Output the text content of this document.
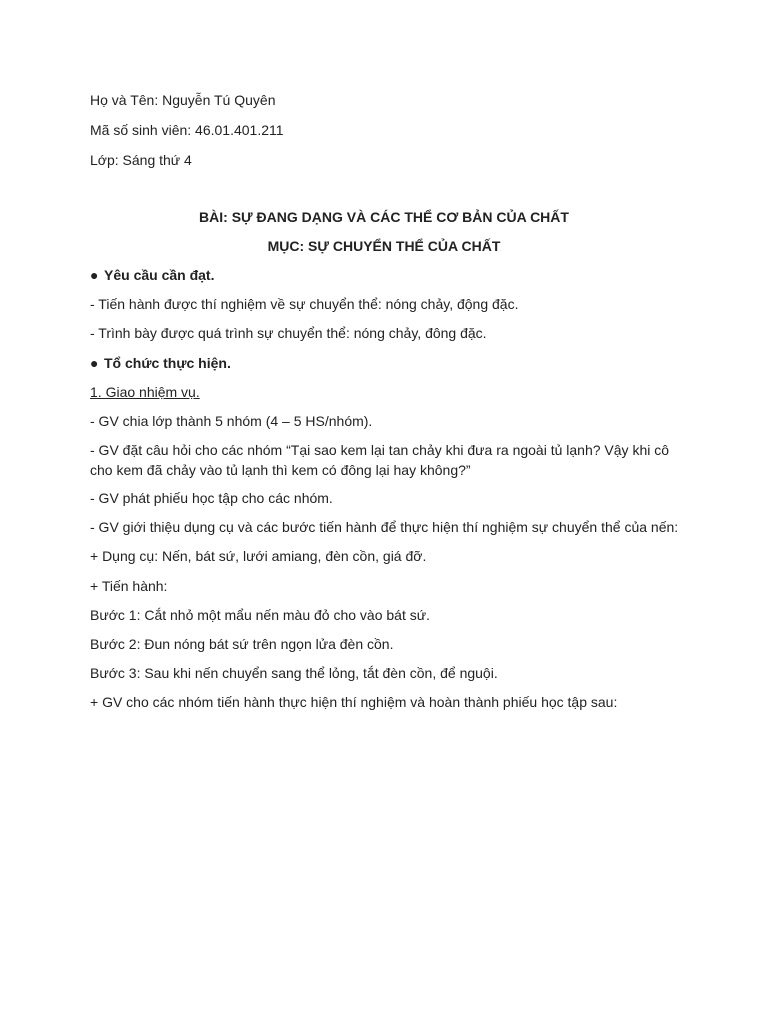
Họ và Tên: Nguyễn Tú Quyên
Mã số sinh viên: 46.01.401.211
Lớp: Sáng thứ 4
BÀI: SỰ ĐANG DẠNG VÀ CÁC THỂ CƠ BẢN CỦA CHẤT
MỤC: SỰ CHUYỂN THỂ CỦA CHẤT
● Yêu cầu cần đạt.
- Tiến hành được thí nghiệm về sự chuyển thể: nóng chảy, động đặc.
- Trình bày được quá trình sự chuyển thể: nóng chảy, đông đặc.
● Tổ chức thực hiện.
1. Giao nhiệm vụ.
- GV chia lớp thành 5 nhóm (4 – 5 HS/nhóm).
- GV đặt câu hỏi cho các nhóm “Tại sao kem lại tan chảy khi đưa ra ngoài tủ lạnh? Vậy khi cô cho kem đã chảy vào tủ lạnh thì kem có đông lại hay không?”
- GV phát phiếu học tập cho các nhóm.
- GV giới thiệu dụng cụ và các bước tiến hành để thực hiện thí nghiệm sự chuyển thể của nến:
+ Dụng cụ: Nến, bát sứ, lưới amiang, đèn cồn, giá đỡ.
+ Tiến hành:
Bước 1: Cắt nhỏ một mẩu nến màu đỏ cho vào bát sứ.
Bước 2: Đun nóng bát sứ trên ngọn lửa đèn cồn.
Bước 3: Sau khi nến chuyển sang thể lỏng, tắt đèn cồn, để nguội.
+ GV cho các nhóm tiến hành thực hiện thí nghiệm và hoàn thành phiếu học tập sau:
